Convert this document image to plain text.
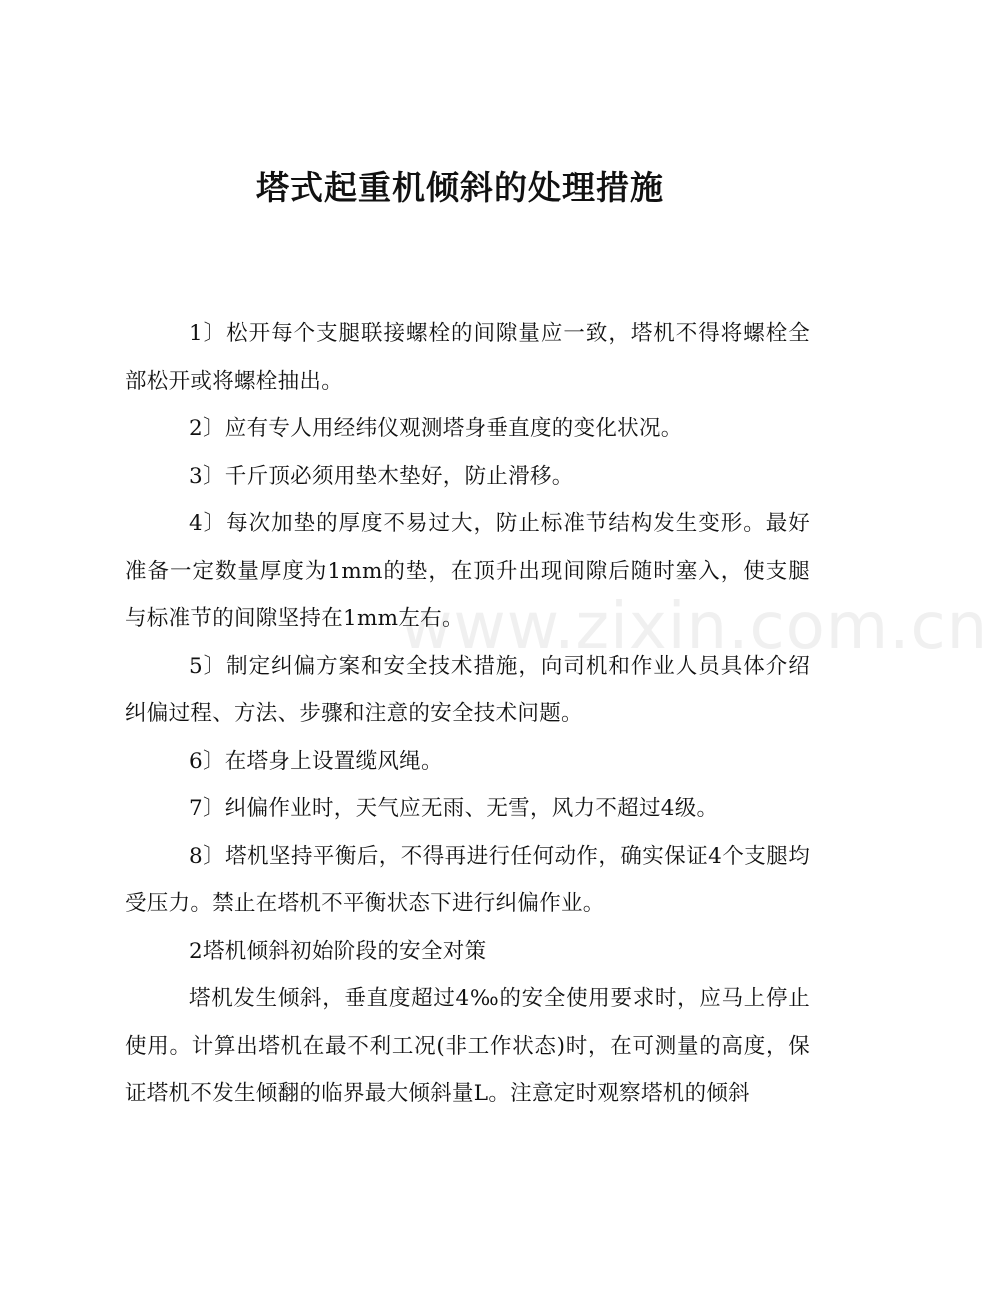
塔式起重机倾斜的处理措施
www.zixin.com.cn

1〕松开每个支腿联接螺栓的间隙量应一致，塔机不得将螺栓全部松开或将螺栓抽出。

2〕应有专人用经纬仪观测塔身垂直度的变化状况。

3〕千斤顶必须用垫木垫好，防止滑移。

4〕每次加垫的厚度不易过大，防止标准节结构发生变形。最好准备一定数量厚度为1mm的垫，在顶升出现间隙后随时塞入，使支腿与标准节的间隙坚持在1mm左右。

5〕制定纠偏方案和安全技术措施，向司机和作业人员具体介绍纠偏过程、方法、步骤和注意的安全技术问题。

6〕在塔身上设置缆风绳。

7〕纠偏作业时，天气应无雨、无雪，风力不超过4级。

8〕塔机坚持平衡后，不得再进行任何动作，确实保证4个支腿均受压力。禁止在塔机不平衡状态下进行纠偏作业。

2塔机倾斜初始阶段的安全对策

塔机发生倾斜，垂直度超过4‰的安全使用要求时，应马上停止使用。计算出塔机在最不利工况(非工作状态)时，在可测量的高度，保证塔机不发生倾翻的临界最大倾斜量L。注意定时观察塔机的倾斜
